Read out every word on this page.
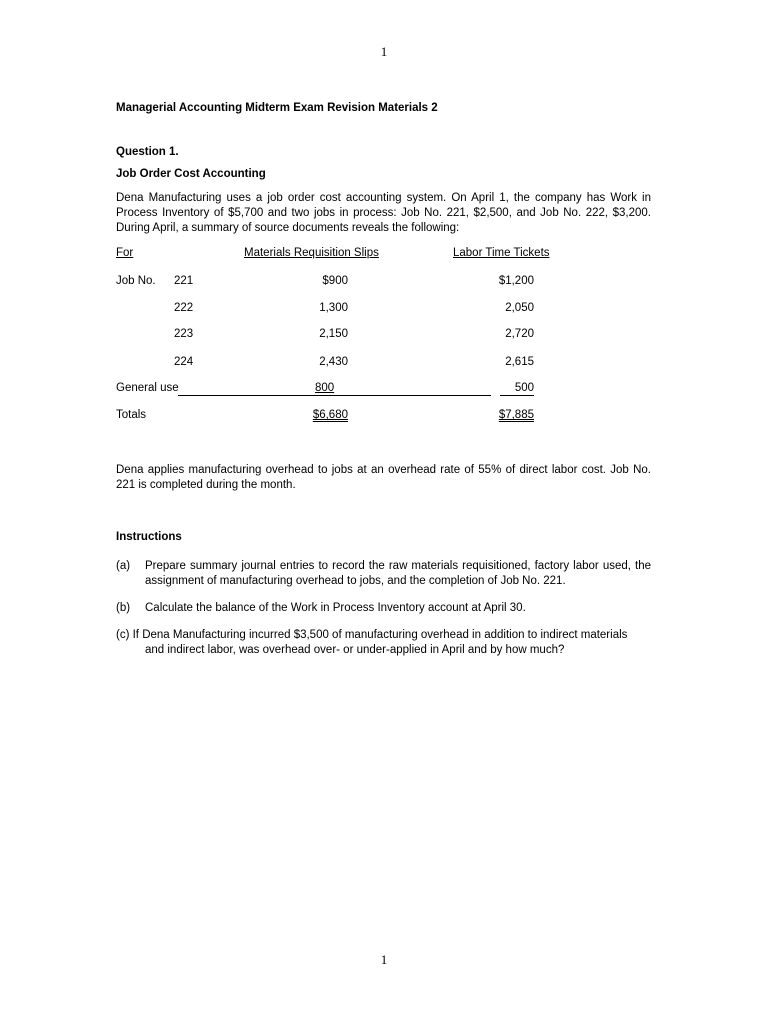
1
Managerial Accounting Midterm Exam Revision Materials 2
Question 1.
Job Order Cost Accounting
Dena Manufacturing uses a job order cost accounting system. On April 1, the company has Work in Process Inventory of $5,700 and two jobs in process: Job No. 221, $2,500, and Job No. 222, $3,200. During April, a summary of source documents reveals the following:
For	Materials Requisition Slips	Labor Time Tickets
Job No. 221	$900	$1,200
222	1,300	2,050
223	2,150	2,720
224	2,430	2,615
General use	800	500
Totals	$6,680	$7,885
Dena applies manufacturing overhead to jobs at an overhead rate of 55% of direct labor cost. Job No. 221 is completed during the month.
Instructions
(a) Prepare summary journal entries to record the raw materials requisitioned, factory labor used, the assignment of manufacturing overhead to jobs, and the completion of Job No. 221.
(b) Calculate the balance of the Work in Process Inventory account at April 30.
(c) If Dena Manufacturing incurred $3,500 of manufacturing overhead in addition to indirect materials
and indirect labor, was overhead over- or under-applied in April and by how much?
1
